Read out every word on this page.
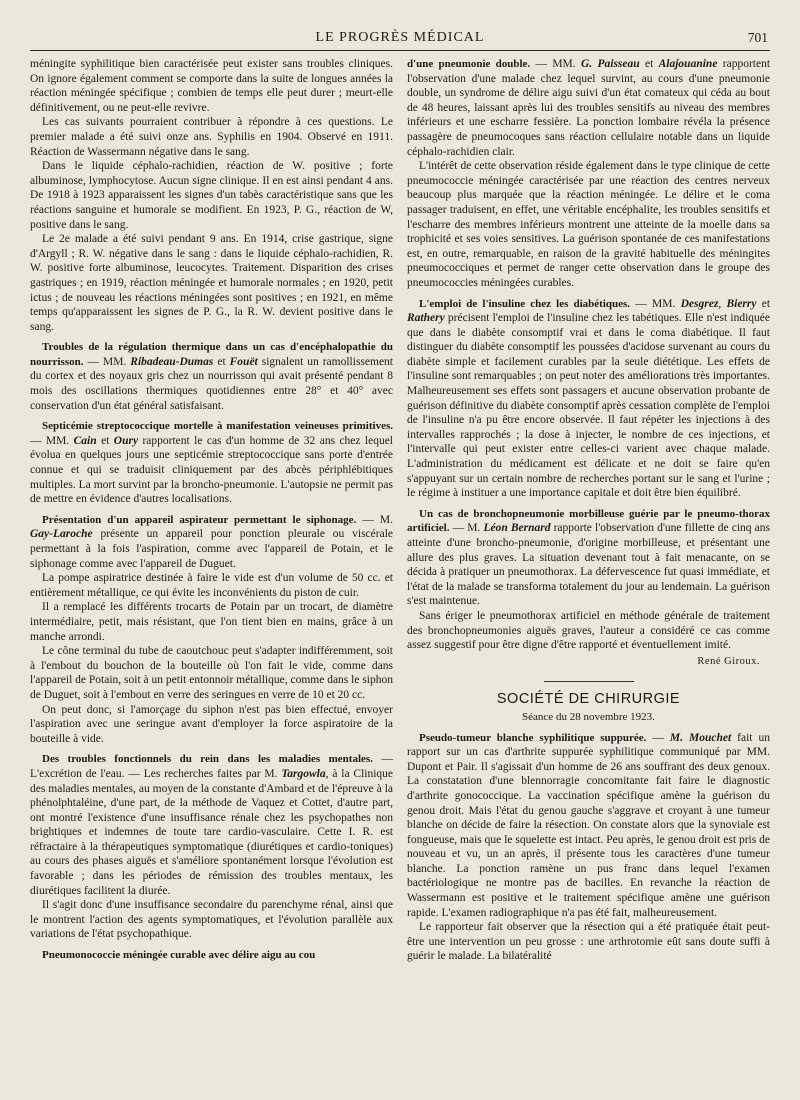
LE PROGRÈS MÉDICAL	701

méningite syphilitique bien caractérisée peut exister sans troubles cliniques. On ignore également comment se comporte dans la suite de longues années la réaction méningée spécifique ; combien de temps elle peut durer ; meurt-elle définitivement, ou ne peut-elle revivre.

Les cas suivants pourraient contribuer à répondre à ces questions. Le premier malade a été suivi onze ans. Syphilis en 1904. Observé en 1911. Réaction de Wassermann négative dans le sang.

Dans le liquide céphalo-rachidien, réaction de W. positive ; forte albuminose, lymphocytose. Aucun signe clinique. Il en est ainsi pendant 4 ans. De 1918 à 1923 apparaissent les signes d'un tabès caractéristique sans que les réactions sanguine et humorale se modifient. En 1923, P. G., réaction de W, positive dans le sang.

Le 2e malade a été suivi pendant 9 ans. En 1914, crise gastrique, signe d'Argyll ; R. W. négative dans le sang : dans le liquide céphalo-rachidien, R. W. positive forte albuminose, leucocytes. Traitement. Disparition des crises gastriques ; en 1919, réaction méningée et humorale normales ; en 1920, petit ictus ; de nouveau les réactions méningées sont positives ; en 1921, en même temps qu'apparaissent les signes de P. G., la R. W. devient positive dans le sang.

Troubles de la régulation thermique dans un cas d'encéphalopathie du nourrisson. — MM. Ribadeau-Dumas et Fouët signalent un ramollissement du cortex et des noyaux gris chez un nourrisson qui avait présenté pendant 8 mois des oscillations thermiques quotidiennes entre 28° et 40° avec conservation d'un état général satisfaisant.

Septicémie streptococcique mortelle à manifestation veineuses primitives. — MM. Cain et Oury rapportent le cas d'un homme de 32 ans chez lequel évolua en quelques jours une septicémie streptococcique sans porte d'entrée connue et qui se traduisit cliniquement par des abcès périphlébitiques multiples. La mort survint par la broncho-pneumonie. L'autopsie ne permit pas de mettre en évidence d'autres localisations.

Présentation d'un appareil aspirateur permettant le siphonage. — M. Gay-Laroche présente un appareil pour ponction pleurale ou viscérale permettant à la fois l'aspiration, comme avec l'appareil de Potain, et le siphonage comme avec l'appareil de Duguet.

La pompe aspiratrice destinée à faire le vide est d'un volume de 50 cc. et entièrement métallique, ce qui évite les inconvénients du piston de cuir.

Il a remplacé les différents trocarts de Potain par un trocart, de diamètre intermédiaire, petit, mais résistant, que l'on tient bien en mains, grâce à un manche arrondi.

Le cône terminal du tube de caoutchouc peut s'adapter indifféremment, soit à l'embout du bouchon de la bouteille où l'on fait le vide, comme dans l'appareil de Potain, soit à un petit entonnoir métallique, comme dans le siphon de Duguet, soit à l'embout en verre des seringues en verre de 10 et 20 cc.

On peut donc, si l'amorçage du siphon n'est pas bien effectué, envoyer l'aspiration avec une seringue avant d'employer la force aspiratoire de la bouteille à vide.

Des troubles fonctionnels du rein dans les maladies mentales. — L'excrétion de l'eau. — Les recherches faites par M. Targowla, à la Clinique des maladies mentales, au moyen de la constante d'Ambard et de l'épreuve à la phénolphtaléine, d'une part, de la méthode de Vaquez et Cottet, d'autre part, ont montré l'existence d'une insuffisance rénale chez les psychopathes non brightiques et indemnes de toute tare cardio-vasculaire. Cette I. R. est réfractaire à la thérapeutiques symptomatique (diurétiques et cardio-toniques) au cours des phases aiguës et s'améliore spontanément lorsque l'évolution est favorable ; dans les périodes de rémission des troubles mentaux, les diurétiques facilitent la diurée.

Il s'agit donc d'une insuffisance secondaire du parenchyme rénal, ainsi que le montrent l'action des agents symptomatiques, et l'évolution parallèle aux variations de l'état psychopathique.

Pneumonococcie méningée curable avec délire aigu au cou

d'une pneumonie double. — MM. G. Paisseau et Alajouanine rapportent l'observation d'une malade chez lequel survint, au cours d'une pneumonie double, un syndrome de délire aigu suivi d'un état comateux qui céda au bout de 48 heures, laissant après lui des troubles sensitifs au niveau des membres inférieurs et une escharre fessière. La ponction lombaire révéla la présence passagère de pneumocoques sans réaction cellulaire notable dans un liquide céphalo-rachidien clair.

L'intérêt de cette observation réside également dans le type clinique de cette pneumococcie méningée caractérisée par une réaction des centres nerveux beaucoup plus marquée que la réaction méningée. Le délire et le coma passager traduisent, en effet, une véritable encéphalite, les troubles sensitifs et l'escharre des membres inférieurs montrent une atteinte de la moelle dans sa trophicité et ses voies sensitives. La guérison spontanée de ces manifestations est, en outre, remarquable, en raison de la gravité habituelle des méningites pneumococciques et permet de ranger cette observation dans le groupe des pneumococcies méningées curables.

L'emploi de l'insuline chez les diabétiques. — MM. Desgrez, Bierry et Rathery précisent l'emploi de l'insuline chez les tabétiques. Elle n'est indiquée que dans le diabète consomptif vrai et dans le coma diabétique. Il faut distinguer du diabète consomptif les poussées d'acidose survenant au cours du diabète simple et facilement curables par la seule diététique. Les effets de l'insuline sont remarquables ; on peut noter des améliorations très importantes. Malheureusement ses effets sont passagers et aucune observation probante de guérison définitive du diabète consomptif après cessation complète de l'emploi de l'insuline n'a pu être encore observée. Il faut répéter les injections à des intervalles rapprochés ; la dose à injecter, le nombre de ces injections, et l'intervalle qui peut exister entre celles-ci varient avec chaque malade. L'administration du médicament est délicate et ne doit se faire qu'en s'appuyant sur un certain nombre de recherches portant sur le sang et l'urine ; le régime à instituer a une importance capitale et doit être bien équilibré.

Un cas de bronchopneumonie morbilleuse guérie par le pneumo-thorax artificiel. — M. Léon Bernard rapporte l'observation d'une fillette de cinq ans atteinte d'une broncho-pneumonie, d'origine morbilleuse, et présentant une allure des plus graves. La situation devenant tout à fait menacante, on se décida à pratiquer un pneumothorax. La défervescence fut quasi immédiate, et l'état de la malade se transforma totalement du jour au lendemain. La guérison s'est maintenue.

Sans ériger le pneumothorax artificiel en méthode générale de traitement des bronchopneumonies aiguës graves, l'auteur a considéré ce cas comme assez suggestif pour être digne d'être rapporté et éventuellement imité.

René Giroux.
SOCIÉTÉ DE CHIRURGIE
Séance du 28 novembre 1923.

Pseudo-tumeur blanche syphilitique suppurée. — M. Mouchet fait un rapport sur un cas d'arthrite suppurée syphilitique communiqué par MM. Dupont et Pair. Il s'agissait d'un homme de 26 ans souffrant des deux genoux. La constatation d'une blennorragie concomitante fait faire le diagnostic d'arthrite gonococcique. La vaccination spécifique amène la guérison du genou droit. Mais l'état du genou gauche s'aggrave et croyant à une tumeur blanche on décide de faire la résection. On constate alors que la synoviale est fongueuse, mais que le squelette est intact. Peu après, le genou droit est pris de nouveau et vu, un an après, il présente tous les caractères d'une tumeur blanche. La ponction ramène un pus franc dans lequel l'examen bactériologique ne montre pas de bacilles. En revanche la réaction de Wassermann est positive et le traitement spécifique amène une guérison rapide. L'examen radiographique n'a pas été fait, malheureusement.

Le rapporteur fait observer que la résection qui a été pratiquée était peut-être une intervention un peu grosse : une arthrotomie eût sans doute suffi à guérir le malade. La bilatéralité
